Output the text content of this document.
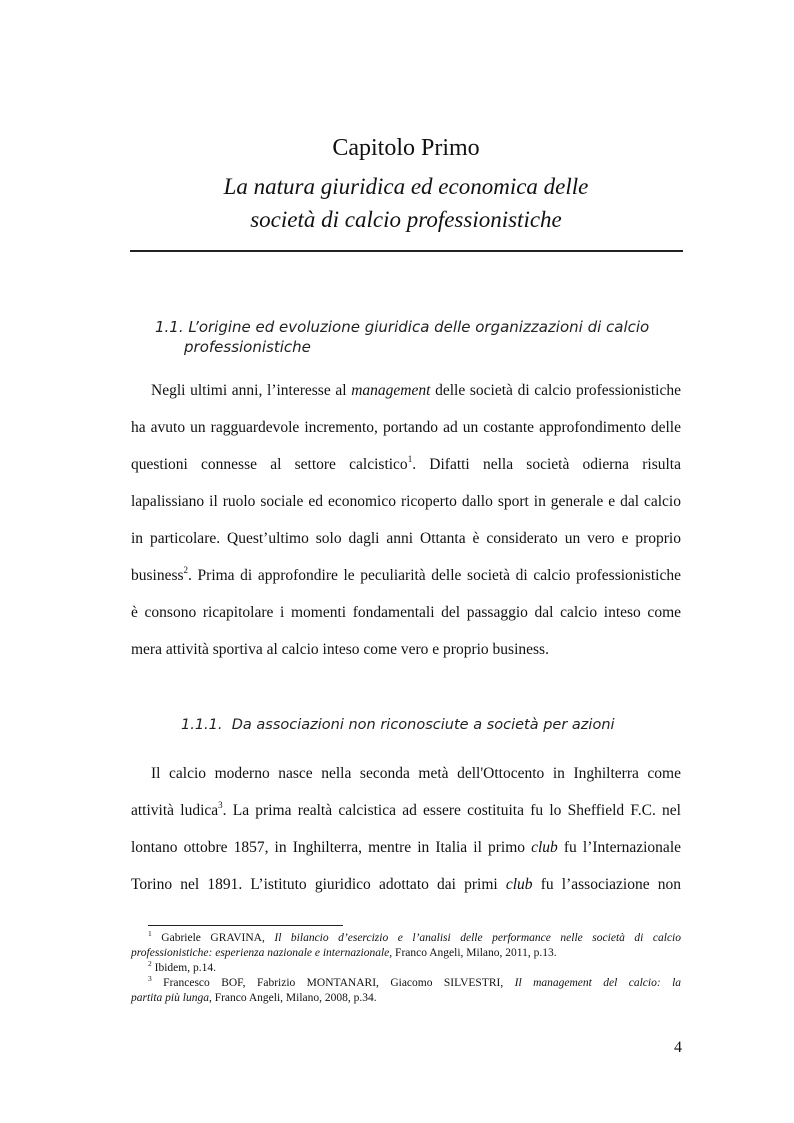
Capitolo Primo
La natura giuridica ed economica delle
società di calcio professionistiche
1.1. L’origine ed evoluzione giuridica delle organizzazioni di calcio
professionistiche
Negli ultimi anni, l’interesse al management delle società di calcio professionistiche
ha avuto un ragguardevole incremento, portando ad un costante approfondimento delle
questioni connesse al settore calcistico$^1$. Difatti nella società odierna risulta
lapalissiano il ruolo sociale ed economico ricoperto dallo sport in generale e dal calcio
in particolare. Quest’ultimo solo dagli anni Ottanta è considerato un vero e proprio
business$^2$. Prima di approfondire le peculiarità delle società di calcio professionistiche
è consono ricapitolare i momenti fondamentali del passaggio dal calcio inteso come
mera attività sportiva al calcio inteso come vero e proprio business.
1.1.1. Da associazioni non riconosciute a società per azioni
Il calcio moderno nasce nella seconda metà dell'Ottocento in Inghilterra come
attività ludica$^3$. La prima realtà calcistica ad essere costituita fu lo Sheffield F.C. nel
lontano ottobre 1857, in Inghilterra, mentre in Italia il primo club fu l’Internazionale
Torino nel 1891. L’istituto giuridico adottato dai primi club fu l’associazione non
$^1$ Gabriele GRAVINA, Il bilancio d’esercizio e l’analisi delle performance nelle società di calcio
professionistiche: esperienza nazionale e internazionale, Franco Angeli, Milano, 2011, p.13.
$^2$ Ibidem, p.14.
$^3$ Francesco BOF, Fabrizio MONTANARI, Giacomo SILVESTRI, Il management del calcio: la
partita più lunga, Franco Angeli, Milano, 2008, p.34.
4
